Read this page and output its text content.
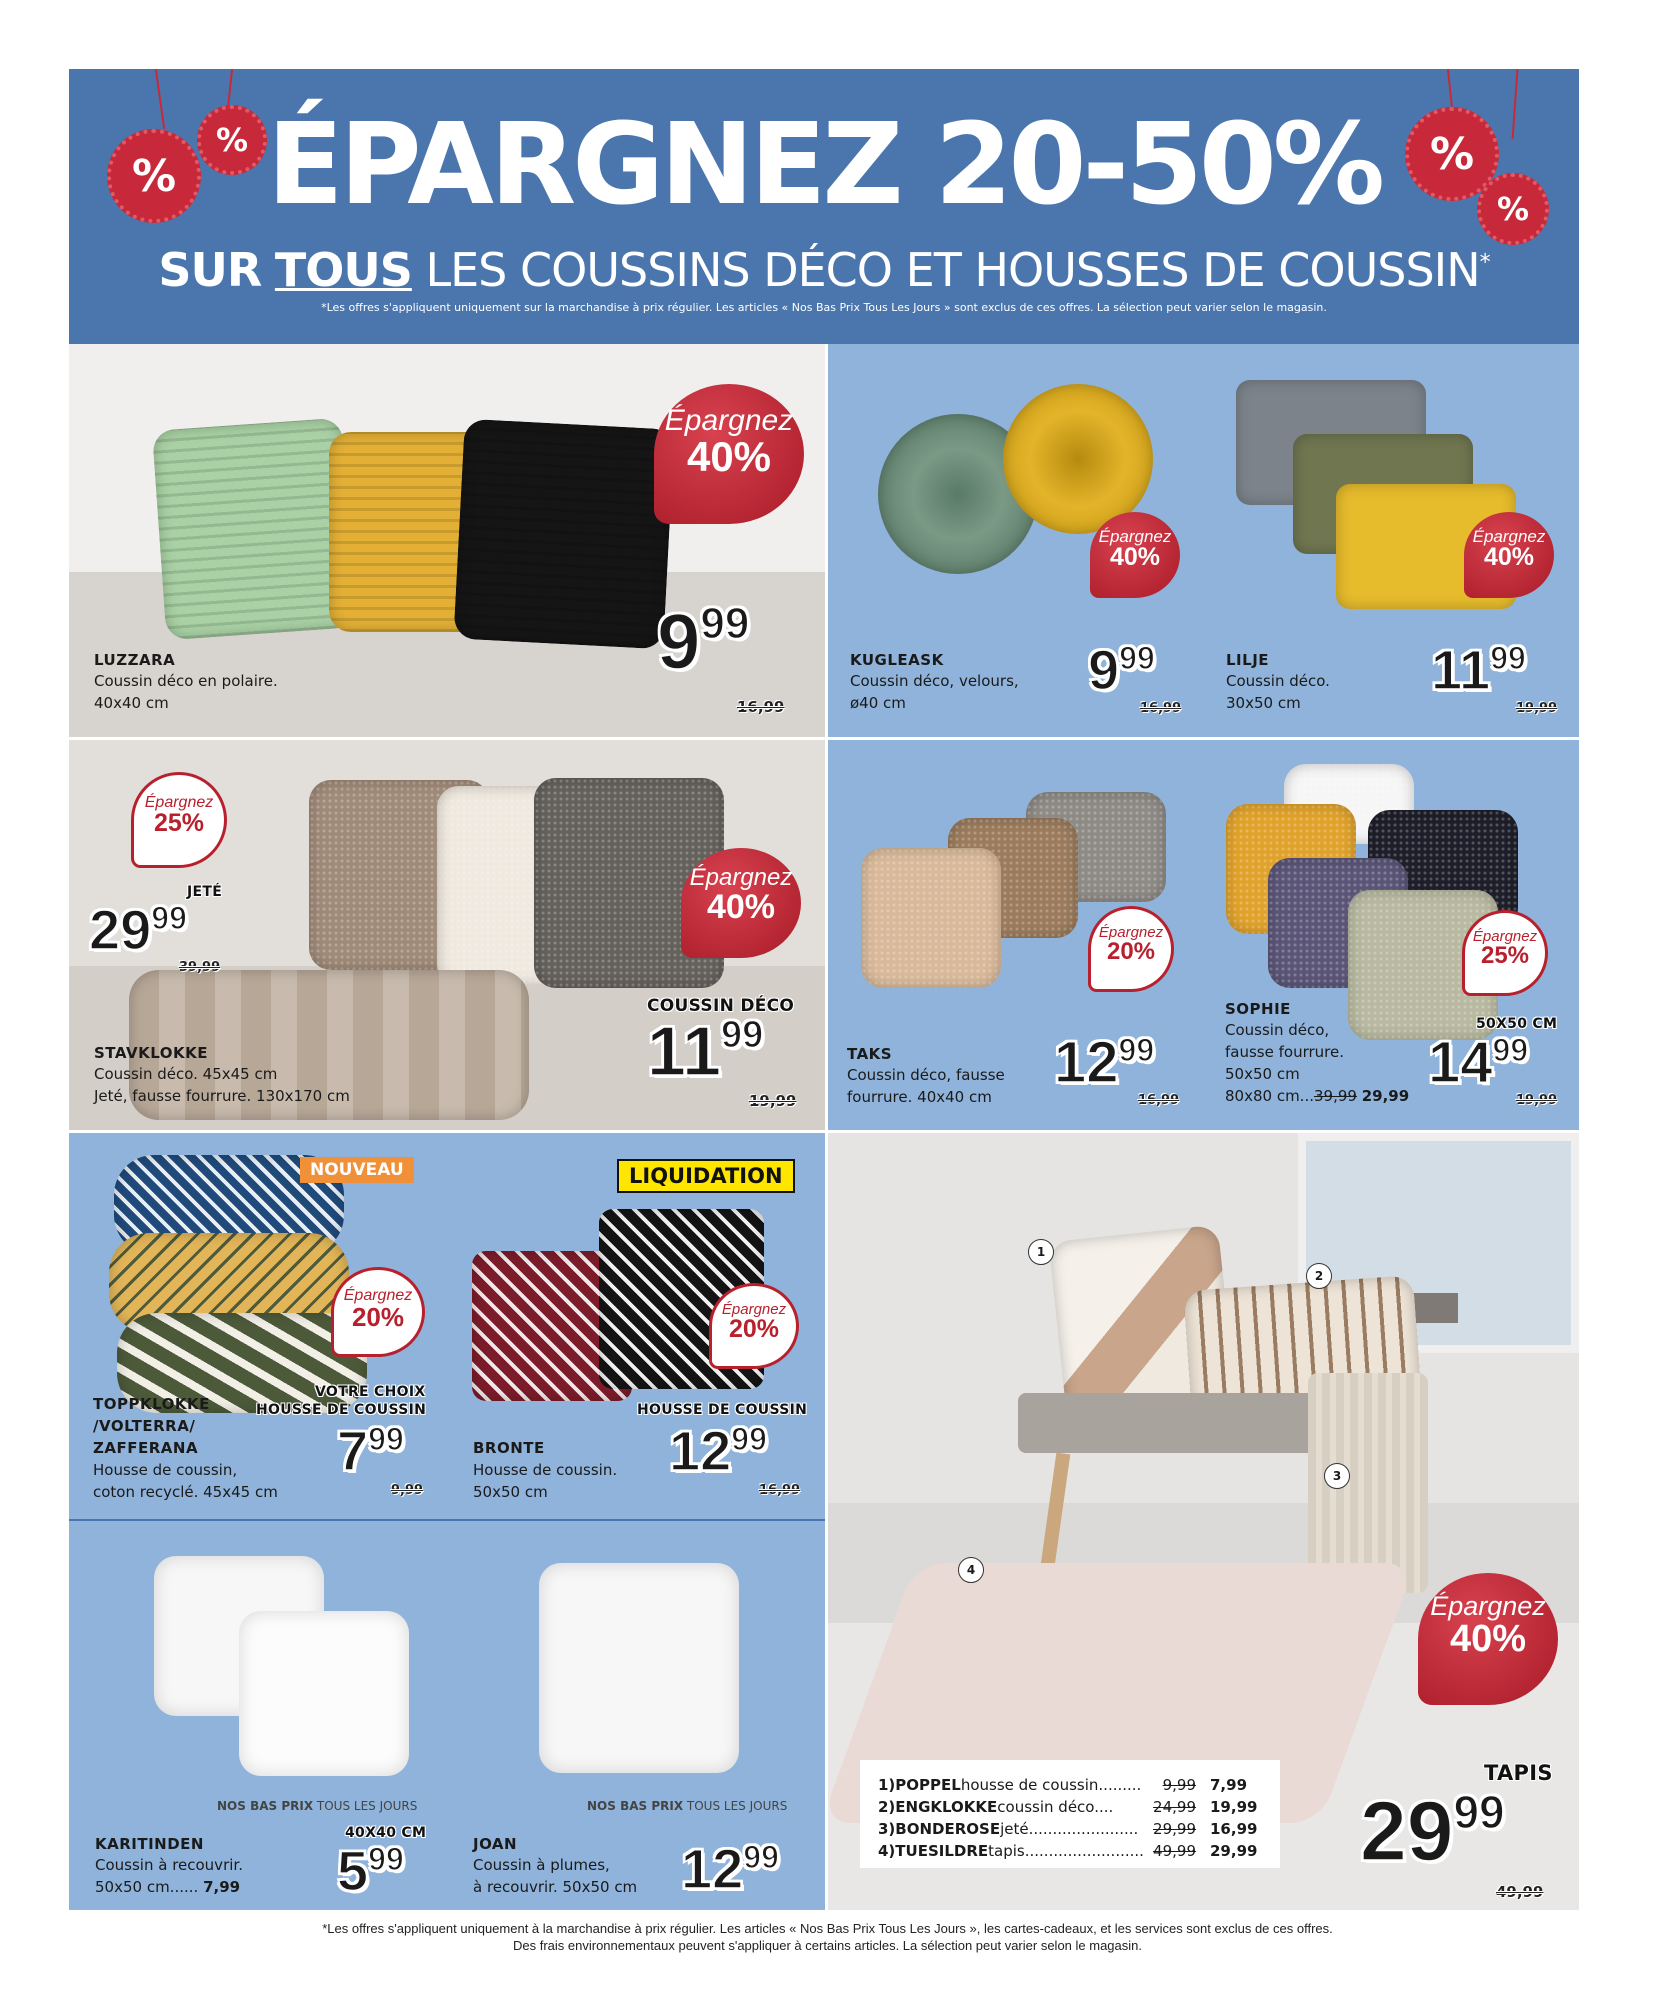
%
%	%
%
ÉPARGNEZ 20-50%
SUR TOUS LES COUSSINS DÉCO ET HOUSSES DE COUSSIN*
*Les offres s'appliquent uniquement sur la marchandise à prix régulier. Les articles « Nos Bas Prix Tous Les Jours » sont exclus de ces offres. La sélection peut varier selon le magasin.
Épargnez
40%
LUZZARA
Coussin déco en polaire.
40x40 cm
999
16,99
Épargnez
40%
Épargnez
40%
KUGLEASK
Coussin déco, velours,
ø40 cm
999
16,99
LILJE
Coussin déco.
30x50 cm
1199
19,99
Épargnez
25%
JETÉ
2999
39,99
Épargnez
40%
COUSSIN DÉCO
1199
19,99
STAVKLOKKE
Coussin déco. 45x45 cm
Jeté, fausse fourrure. 130x170 cm
Épargnez
20%
Épargnez
25%
TAKS
Coussin déco, fausse
fourrure. 40x40 cm
1299
16,99
SOPHIE
Coussin déco,
fausse fourrure.
50x50 cm
80x80 cm...39,99 29,99
50X50 CM
1499
19,99
NOUVEAU
Épargnez
20%
LIQUIDATION
Épargnez
20%
TOPPKLOKKE
/VOLTERRA/
ZAFFERANA
Housse de coussin,
coton recyclé. 45x45 cm
VOTRE CHOIX
HOUSSE DE COUSSIN
799
9,99
BRONTE
Housse de coussin.
50x50 cm
HOUSSE DE COUSSIN
1299
16,99
NOS BAS PRIX TOUS LES JOURS	NOS BAS PRIX TOUS LES JOURS
KARITINDEN
Coussin à recouvrir.
50x50 cm...... 7,99
40X40 CM
599	JOAN
Coussin à plumes,
à recouvrir. 50x50 cm 1299
1
2
3
4
Épargnez
40%
TAPIS
2999
49,99
1)POPPEL housse de coussin.........	9,99 7,99
2)ENGKLOKKE coussin déco....	24,99 19,99
3)BONDEROSE jeté....................... 29,99 16,99
4)TUESILDRE tapis......................... 49,99 29,99
*Les offres s'appliquent uniquement à la marchandise à prix régulier. Les articles « Nos Bas Prix Tous Les Jours », les cartes-cadeaux, et les services sont exclus de ces offres.
Des frais environnementaux peuvent s'appliquer à certains articles. La sélection peut varier selon le magasin.
